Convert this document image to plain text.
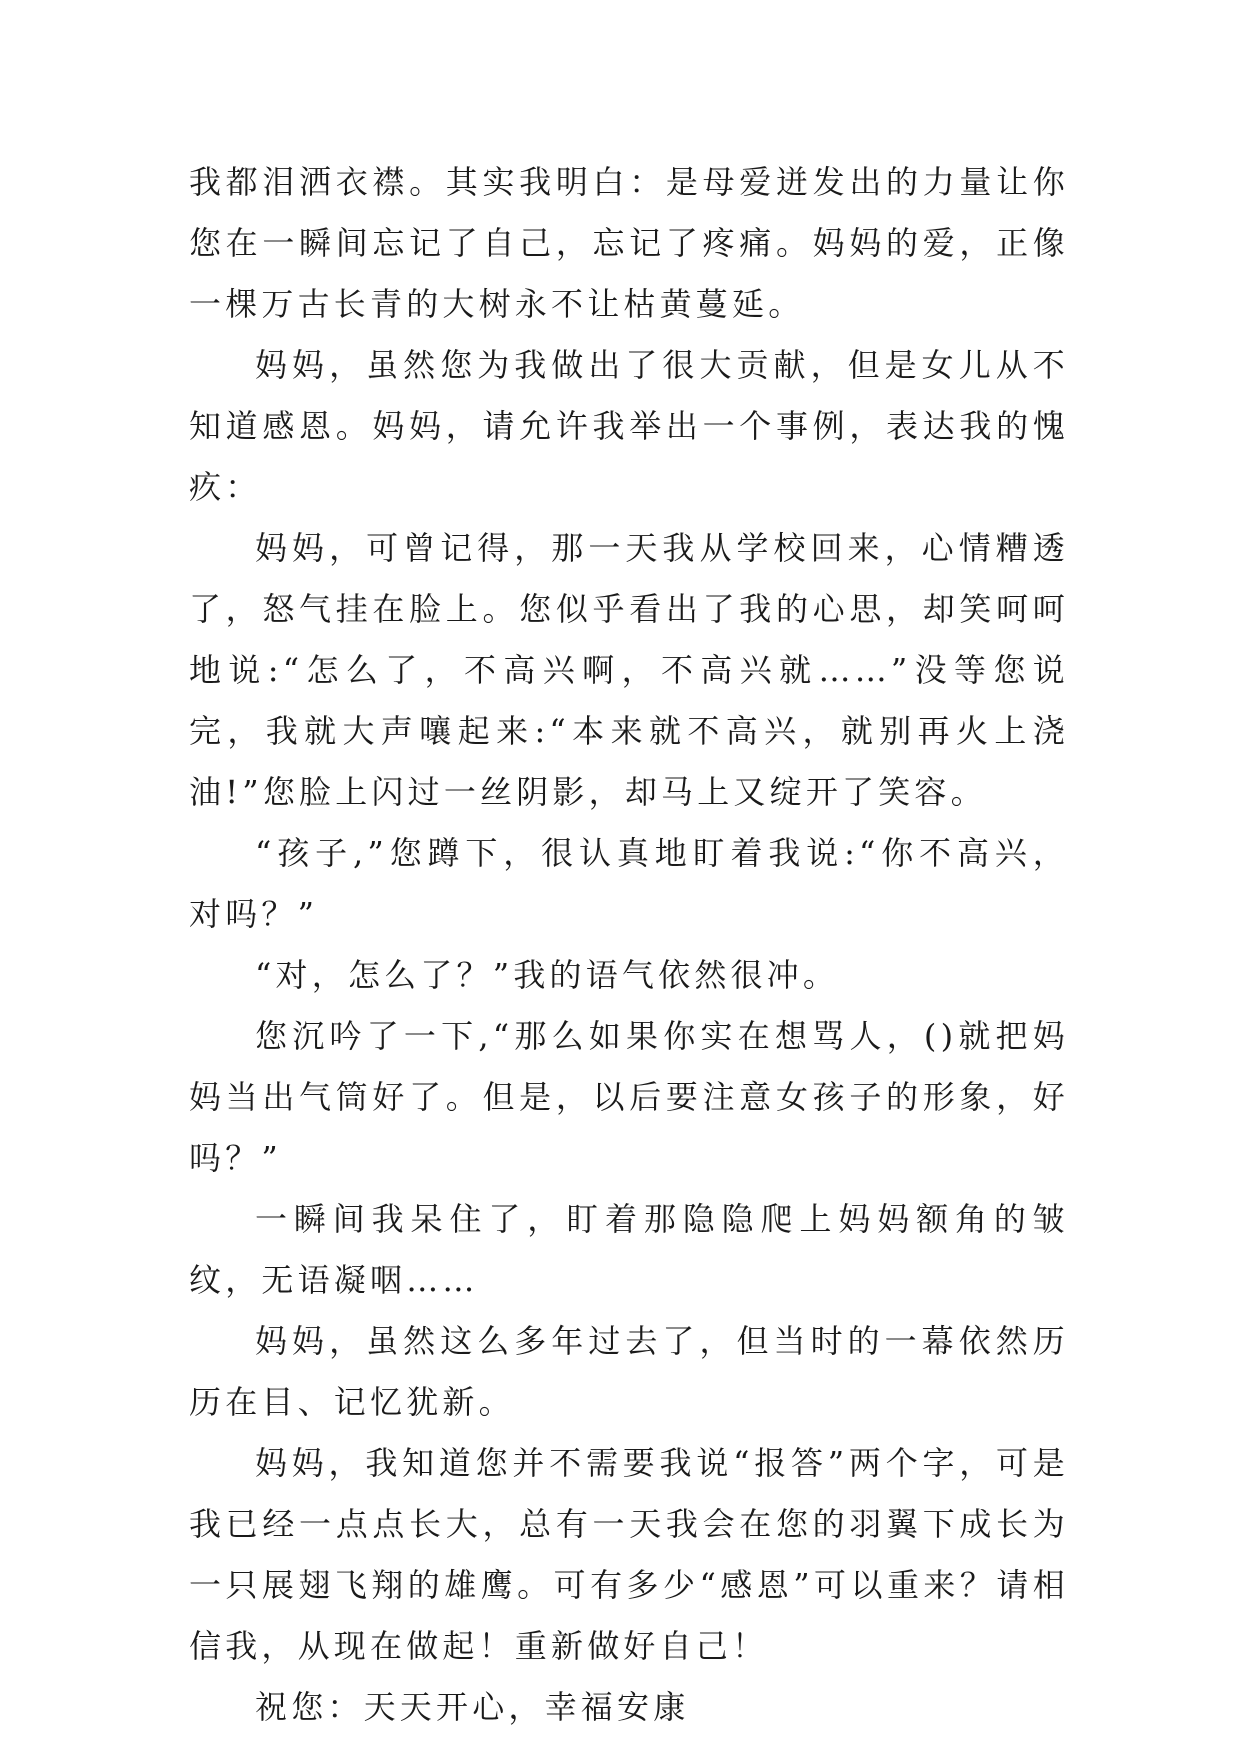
我都泪洒衣襟。其实我明白：是母爱迸发出的力量让你您在一瞬间忘记了自己，忘记了疼痛。妈妈的爱，正像一棵万古长青的大树永不让枯黄蔓延。

妈妈，虽然您为我做出了很大贡献，但是女儿从不知道感恩。妈妈，请允许我举出一个事例，表达我的愧疚：

妈妈，可曾记得，那一天我从学校回来，心情糟透了，怒气挂在脸上。您似乎看出了我的心思，却笑呵呵地说:“怎么了，不高兴啊，不高兴就……”没等您说完，我就大声嚷起来:“本来就不高兴，就别再火上浇油!”您脸上闪过一丝阴影，却马上又绽开了笑容。

“孩子,”您蹲下，很认真地盯着我说:“你不高兴，对吗？”

“对，怎么了？”我的语气依然很冲。

您沉吟了一下,“那么如果你实在想骂人，()就把妈妈当出气筒好了。但是，以后要注意女孩子的形象，好吗？”

一瞬间我呆住了，盯着那隐隐爬上妈妈额角的皱纹，无语凝咽……

妈妈，虽然这么多年过去了，但当时的一幕依然历历在目、记忆犹新。

妈妈，我知道您并不需要我说“报答”两个字，可是我已经一点点长大，总有一天我会在您的羽翼下成长为一只展翅飞翔的雄鹰。可有多少“感恩”可以重来？请相信我，从现在做起！重新做好自己！

祝您：天天开心，幸福安康
